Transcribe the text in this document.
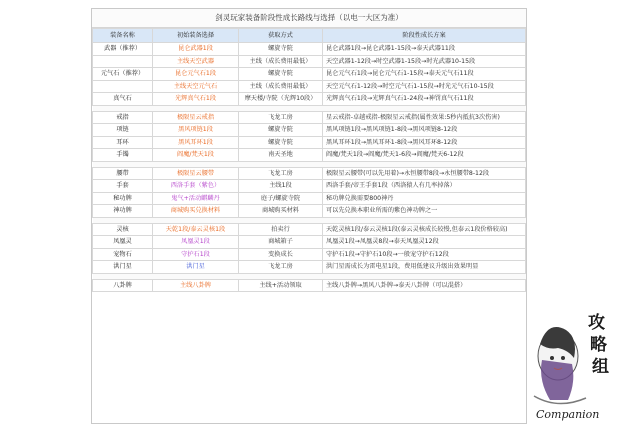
剑灵玩家装备阶段性成长路线与选择（以电一大区为准）
装备名称	初始装备选择	获取方式	阶段性成长方案
武器（推荐）	昆仑武器1段	螺旋寺院	昆仑武器1段→昆仑武器1-15段→泰天武器11段
	主线天空武器	主线（成长费用最低）	天空武器1-12段→时空武器1-15段→时光武器10-15段
元气石（推荐）	昆仑元气石1段	螺旋寺院	昆仑元气石1段→昆仑元气石1-15段→泰天元气石11段
	主线天空元气石	主线（成长费用最低）	天空元气石1-12段→时空元气石1-15段→时光元气石10-15段
真气石	光辉真气石1段	摩天楼/寺院（光辉10段）	光辉真气石1段→光辉真气石1-24段→神罚真气石11段

戒指	极限星云戒指	飞龙工房	星云戒指-卓越戒指-极限星云戒指(属性效果:5秒内抵抗3次伤害)
项链	黑风项链1段	螺旋寺院	黑风项链1段→黑风项链1-8段→黑风项链8-12段
耳环	黑风耳环1段	螺旋寺院	黑风耳环1段→黑风耳环1-8段→黑风耳环8-12段
手镯	阎魔/梵天1段	南天圣地	阎魔/梵天1段→阎魔/梵天1-6段→阎魔/梵天6-12段

腰带	极限星云腰带	飞龙工房	极限星云腰带(可以先用着)→永恒腰带8段→永恒腰带8-12段
手套	西洛手套（紫色）	主线1段	西洛手套/帝王手套1段（西洛猿人有几率掉落）
秘功牌	鬼气+活动麒麟丹	庭子/螺旋寺院	秘功牌兑换需要800神丹
神功牌	商城购买兑换材料	商城购买材料	可以先兑换本职业所需的紫色神功牌之一

灵核	天乾1段/泰云灵核1段	拍卖行	天乾灵核1段/泰云灵核1段(泰云灵核成长较慢,但泰云1段价格较高)
凤凰灵	凤凰灵1段	商城箱子	凤凰灵1段→凤凰灵8段→泰天凤凰灵12段
宠物石	守护石1段	变换成长	守护石1段→守护石10段→一般宠守护石12段
洪门星	洪门星	飞龙工房	洪门星需成长为雷电星1段，费用低建议升级出效果明显

八卦牌	主线八卦牌	主线+活动领取	主线八卦牌→黑风八卦牌→泰天八卦牌（可以混搭）
攻
略
组
Companion
